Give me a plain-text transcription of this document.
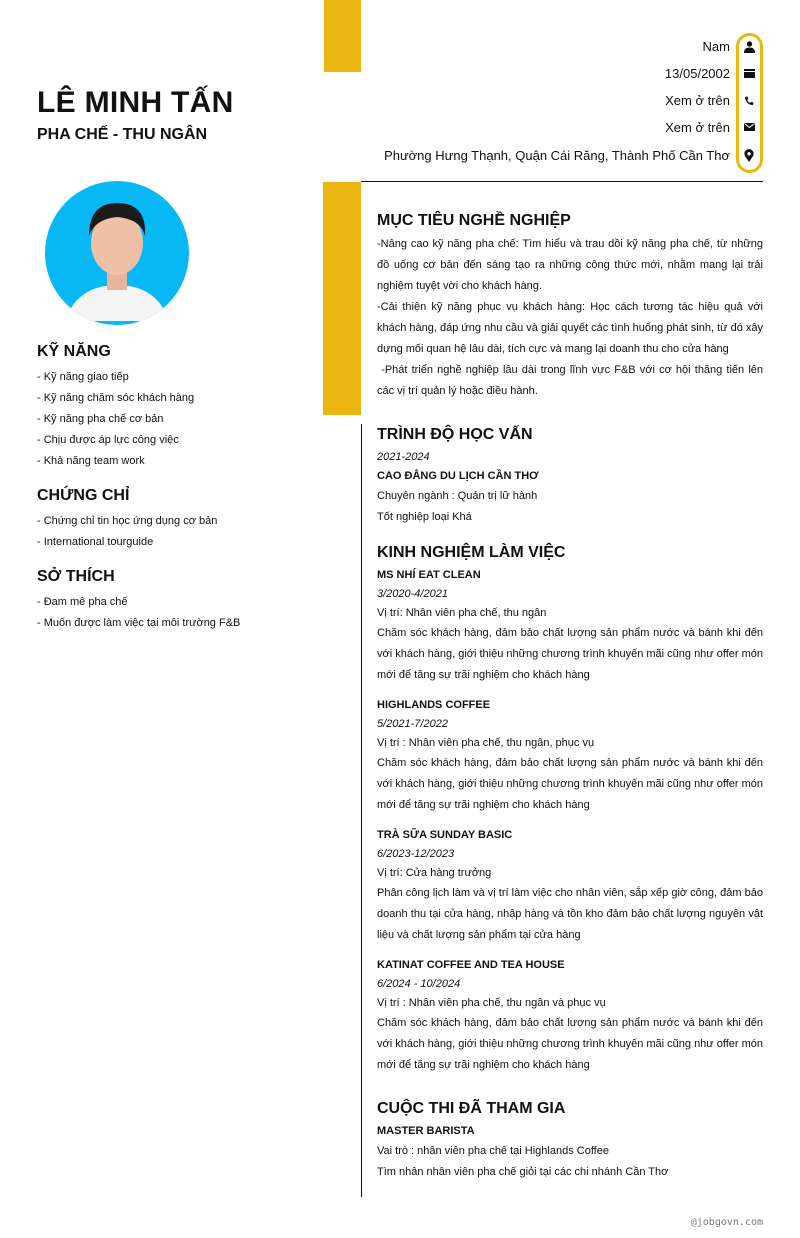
LÊ MINH TẤN
PHA CHẾ - THU NGÂN
Nam
13/05/2002
Xem ở trên
Xem ở trên
Phường Hưng Thạnh, Quận Cái Răng, Thành Phố Cần Thơ
KỸ NĂNG
- Kỹ năng giao tiếp
- Kỹ năng chăm sóc khách hàng
- Kỹ năng pha chế cơ bản
- Chịu được áp lực công việc
- Khả năng team work
CHỨNG CHỈ
- Chứng chỉ tin học ứng dụng cơ bản
- International tourguide
SỞ THÍCH
- Đam mê pha chế
- Muốn được làm việc tại môi trường F&B
MỤC TIÊU NGHỀ NGHIỆP
-Nâng cao kỹ năng pha chế: Tìm hiểu và trau dồi kỹ năng pha chế, từ những đồ uống cơ bản đến sáng tạo ra những công thức mới, nhằm mang lại trải nghiệm tuyệt vời cho khách hàng.
-Cải thiện kỹ năng phục vụ khách hàng: Học cách tương tác hiệu quả với khách hàng, đáp ứng nhu cầu và giải quyết các tình huống phát sinh, từ đó xây dựng mối quan hệ lâu dài, tích cực và mang lại doanh thu cho cửa hàng
-Phát triển nghề nghiệp lâu dài trong lĩnh vực F&B với cơ hội thăng tiến lên các vị trí quản lý hoặc điều hành.
TRÌNH ĐỘ HỌC VẤN
2021-2024
CAO ĐẲNG DU LỊCH CẦN THƠ
Chuyên ngành : Quản trị lữ hành
Tốt nghiệp loại Khá
KINH NGHIỆM LÀM VIỆC
MS NHÍ EAT CLEAN
3/2020-4/2021
Vị trí: Nhân viên pha chế, thu ngân
Chăm sóc khách hàng, đảm bảo chất lượng sản phẩm nước và bánh khi đến với khách hàng, giới thiệu những chương trình khuyến mãi cũng như offer món mới để tăng sự trãi nghiệm cho khách hàng
HIGHLANDS COFFEE
5/2021-7/2022
Vị trí : Nhân viên pha chế, thu ngân, phục vụ
Chăm sóc khách hàng, đảm bảo chất lượng sản phẩm nước và bánh khi đến với khách hàng, giới thiệu những chương trình khuyến mãi cũng như offer món mới để tăng sự trãi nghiệm cho khách hàng
TRÀ SỮA SUNDAY BASIC
6/2023-12/2023
Vị trí: Cửa hàng trưởng
Phân công lịch làm và vị trí làm việc cho nhân viên, sắp xếp giờ công, đảm bảo doanh thu tại cửa hàng, nhập hàng và tồn kho đảm bảo chất lượng nguyên vật liệu và chất lượng sản phẩm tại cửa hàng
KATINAT COFFEE AND TEA HOUSE
6/2024 - 10/2024
Vị trí : Nhân viên pha chế, thu ngân và phục vụ
Chăm sóc khách hàng, đảm bảo chất lượng sản phẩm nước và bánh khi đến với khách hàng, giới thiệu những chương trình khuyến mãi cũng như offer món mới để tăng sự trãi nghiệm cho khách hàng
CUỘC THI ĐÃ THAM GIA
MASTER BARISTA
Vai trò : nhân viên pha chế tại Highlands Coffee
Tìm nhân nhân viên pha chế giỏi tại các chi nhánh Cần Thơ
@jobgovn.com
